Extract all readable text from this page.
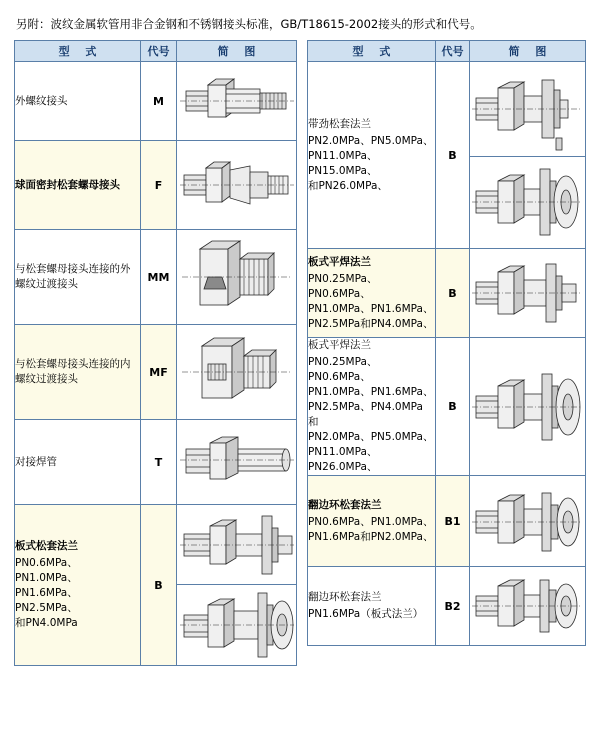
另附：波纹金属软管用非合金钢和不锈钢接头标准，GB/T18615-2002接头的形式和代号。
型 式	代号	简 图
外螺纹接头	M	

球面密封松套螺母接头	F	

与松套螺母接头连接的外螺纹过渡接头	MM	

与松套螺母接头连接的内螺纹过渡接头	MF	

对接焊管	T	

板式松套法兰
PN0.6MPa、PN1.0MPa、
PN1.6MPa、PN2.5MPa、
和PN4.0MPa	B	
型 式	代号	简 图

带劲松套法兰
PN2.0MPa、PN5.0MPa、
PN11.0MPa、PN15.0MPa、
和PN26.0MPa、	B	

板式平焊法兰
PN0.25MPa、PN0.6MPa、
PN1.0MPa、PN1.6MPa、
PN2.5MPa和PN4.0MPa、	B	

板式平焊法兰
PN0.25MPa、PN0.6MPa、
PN1.0MPa、PN1.6MPa、
PN2.5MPa、PN4.0MPa 和
PN2.0MPa、PN5.0MPa、
PN11.0MPa、PN26.0MPa、
	B	

翻边环松套法兰
PN0.6MPa、PN1.0MPa、
PN1.6MPa和PN2.0MPa、	B1	

翻边环松套法兰
PN1.6MPa（板式法兰）	B2	
